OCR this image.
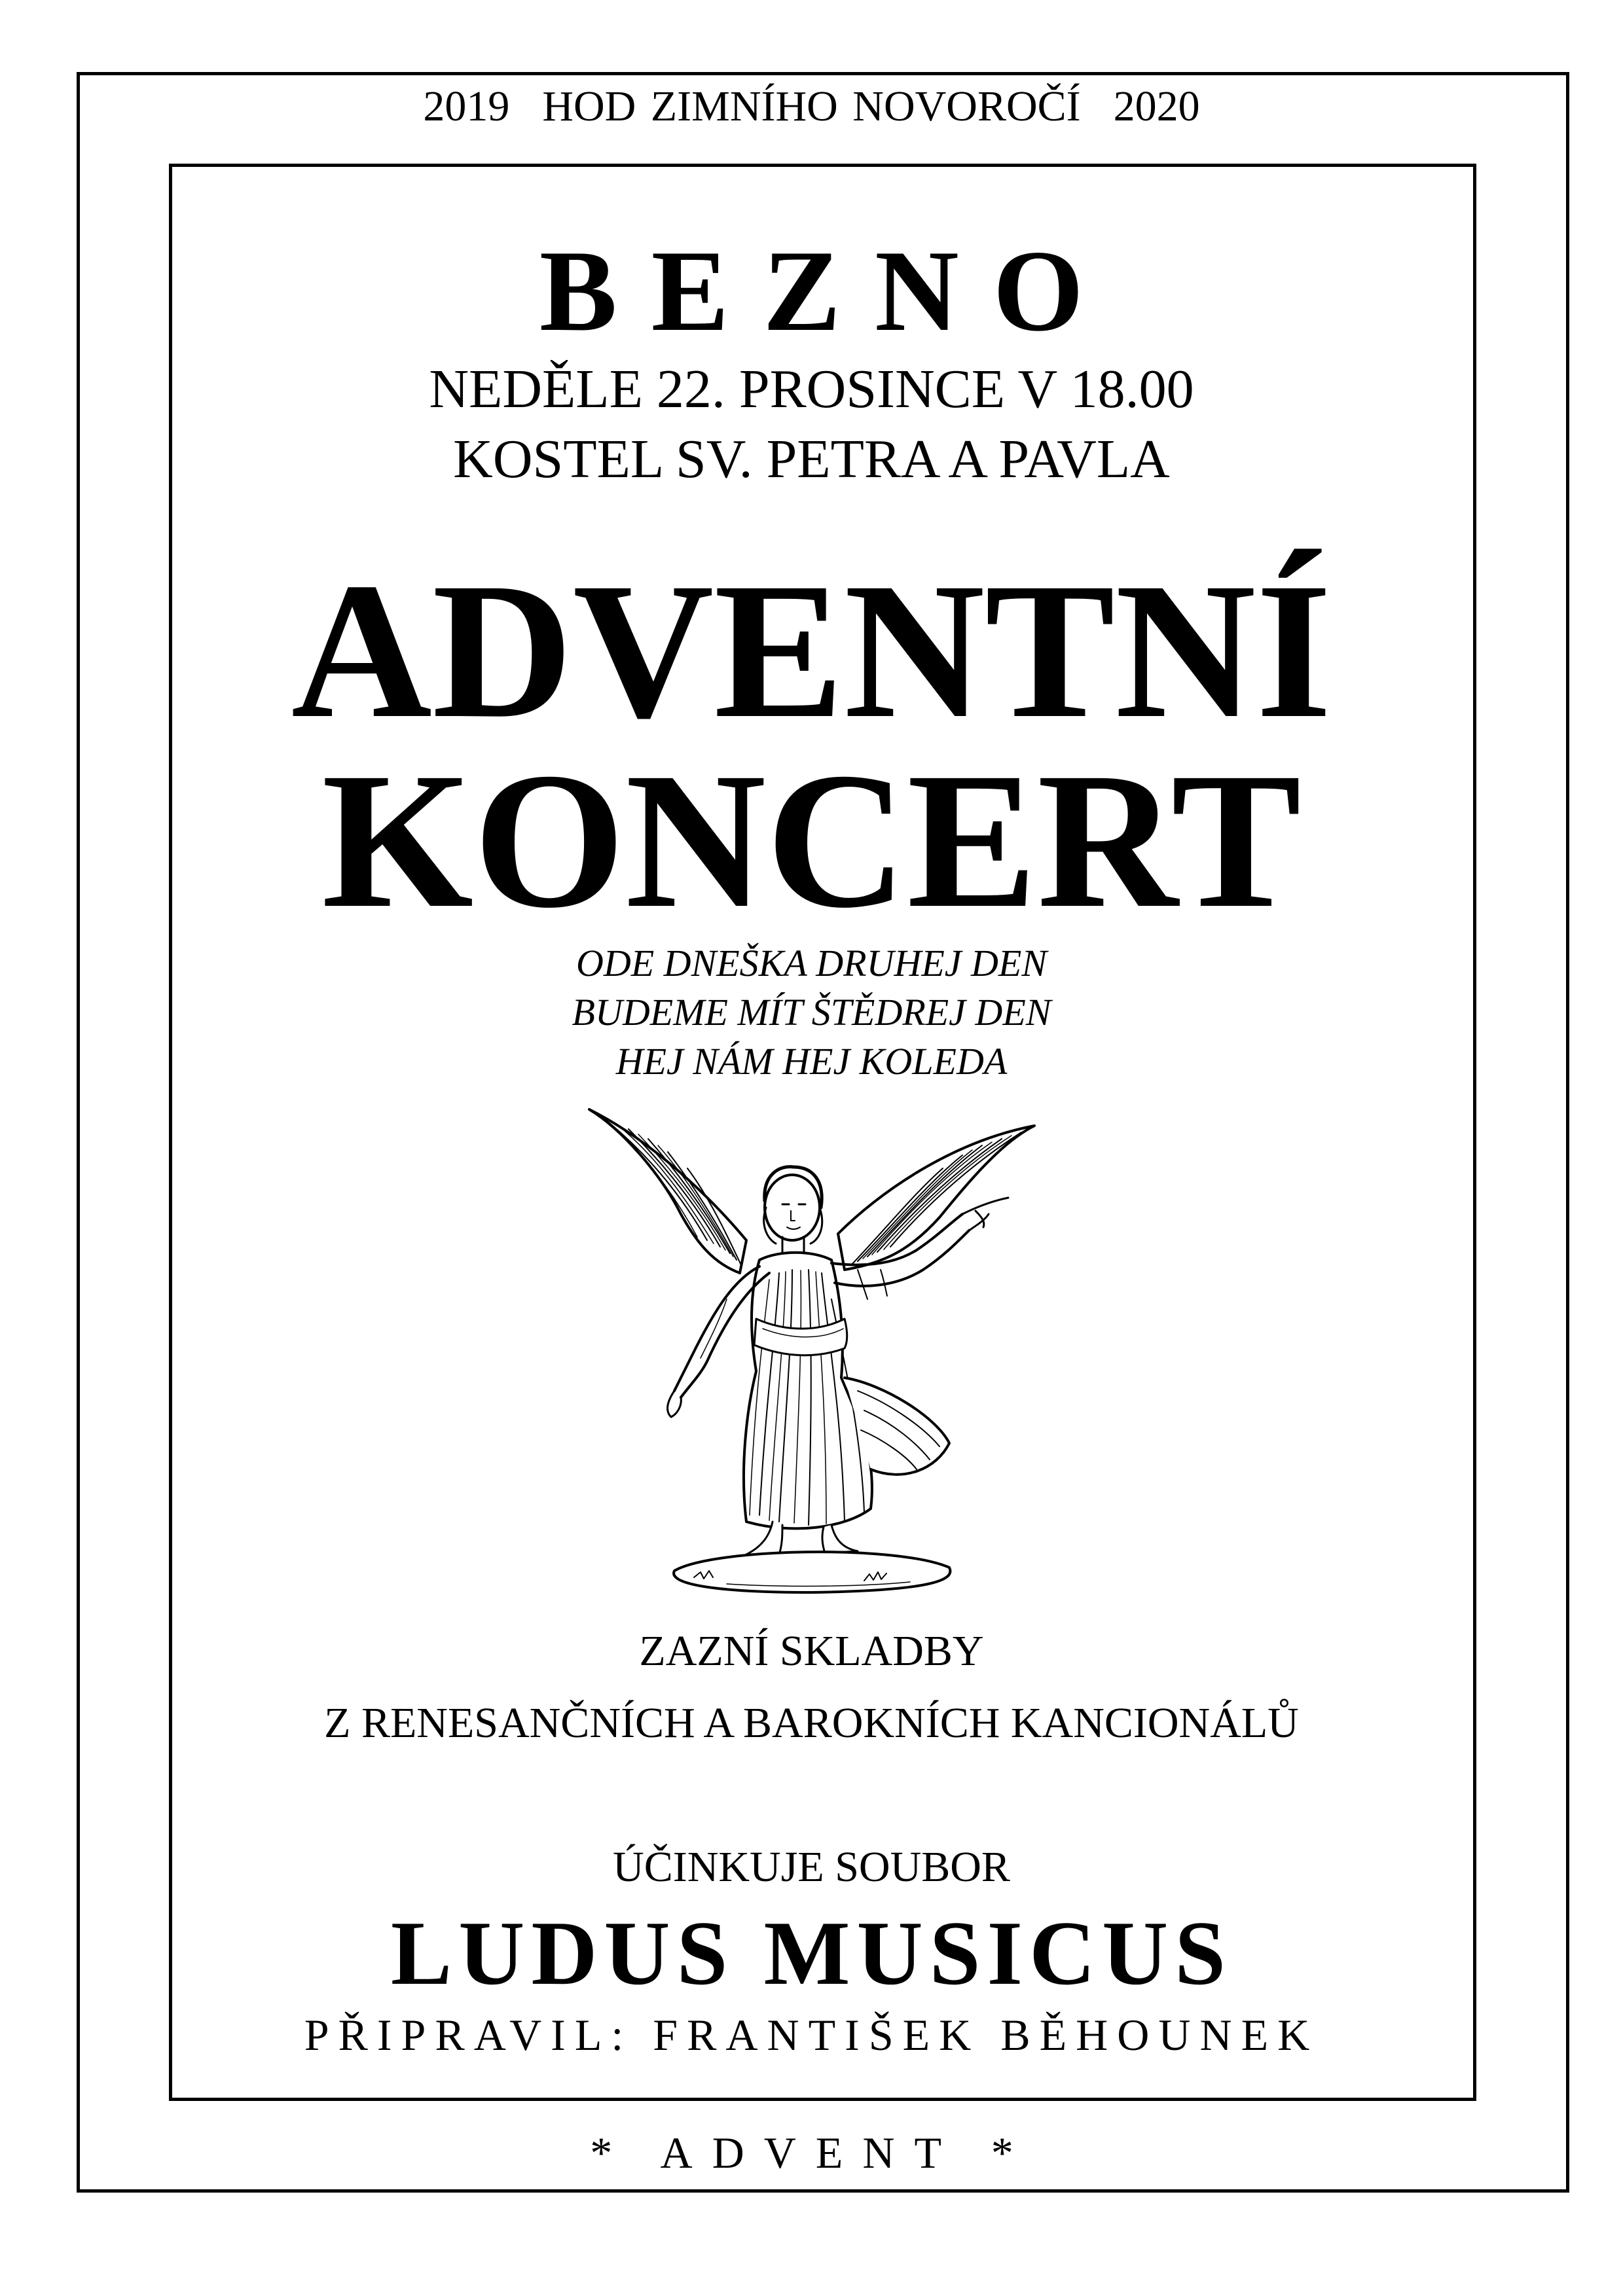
2019 HOD ZIMNÍHO NOVOROČÍ 2020
BEZNO
NEDĚLE 22. PROSINCE V 18.00
KOSTEL SV. PETRA A PAVLA
ADVENTNÍ
KONCERT
ODE DNEŠKA DRUHEJ DEN
BUDEME MÍT ŠTĚDREJ DEN
HEJ NÁM HEJ KOLEDA
ZAZNÍ SKLADBY
Z RENESANČNÍCH A BAROKNÍCH KANCIONÁLŮ
ÚČINKUJE SOUBOR
LUDUS MUSICUS
PŘIPRAVIL: FRANTIŠEK BĚHOUNEK
* ADVENT *
